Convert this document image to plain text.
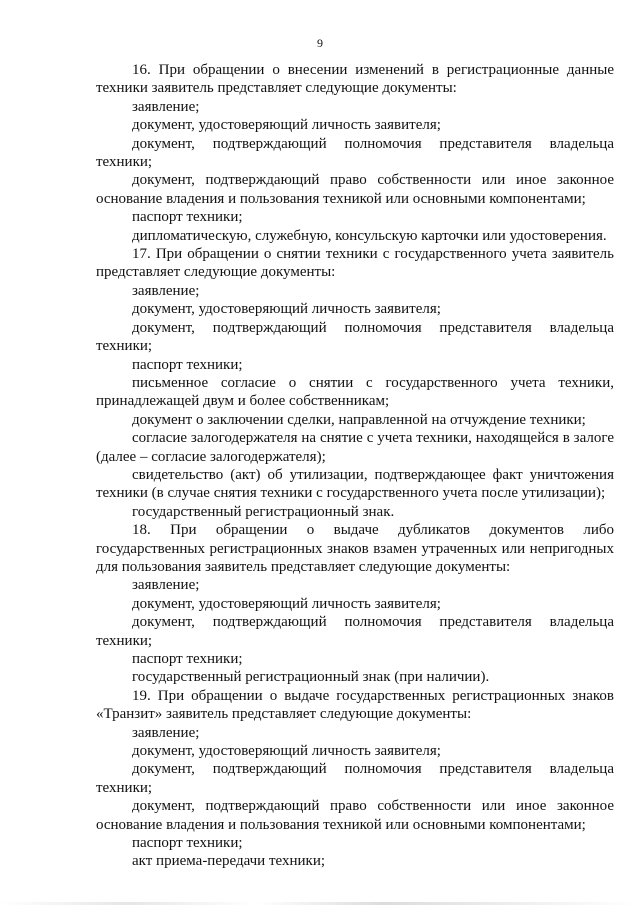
9

16. При обращении о внесении изменений в регистрационные данные техники заявитель представляет следующие документы:

заявление;

документ, удостоверяющий личность заявителя;

документ, подтверждающий полномочия представителя владельца техники;

документ, подтверждающий право собственности или иное законное основание владения и пользования техникой или основными компонентами;

паспорт техники;

дипломатическую, служебную, консульскую карточки или удостоверения.

17. При обращении о снятии техники с государственного учета заявитель представляет следующие документы:

заявление;

документ, удостоверяющий личность заявителя;

документ, подтверждающий полномочия представителя владельца техники;

паспорт техники;

письменное согласие о снятии с государственного учета техники, принадлежащей двум и более собственникам;

документ о заключении сделки, направленной на отчуждение техники;

согласие залогодержателя на снятие с учета техники, находящейся в залоге (далее – согласие залогодержателя);

свидетельство (акт) об утилизации, подтверждающее факт уничтожения техники (в случае снятия техники с государственного учета после утилизации);

государственный регистрационный знак.

18. При обращении о выдаче дубликатов документов либо государственных регистрационных знаков взамен утраченных или непригодных для пользования заявитель представляет следующие документы:

заявление;

документ, удостоверяющий личность заявителя;

документ, подтверждающий полномочия представителя владельца техники;

паспорт техники;

государственный регистрационный знак (при наличии).

19. При обращении о выдаче государственных регистрационных знаков «Транзит» заявитель представляет следующие документы:

заявление;

документ, удостоверяющий личность заявителя;

документ, подтверждающий полномочия представителя владельца техники;

документ, подтверждающий право собственности или иное законное основание владения и пользования техникой или основными компонентами;

паспорт техники;

акт приема-передачи техники;
